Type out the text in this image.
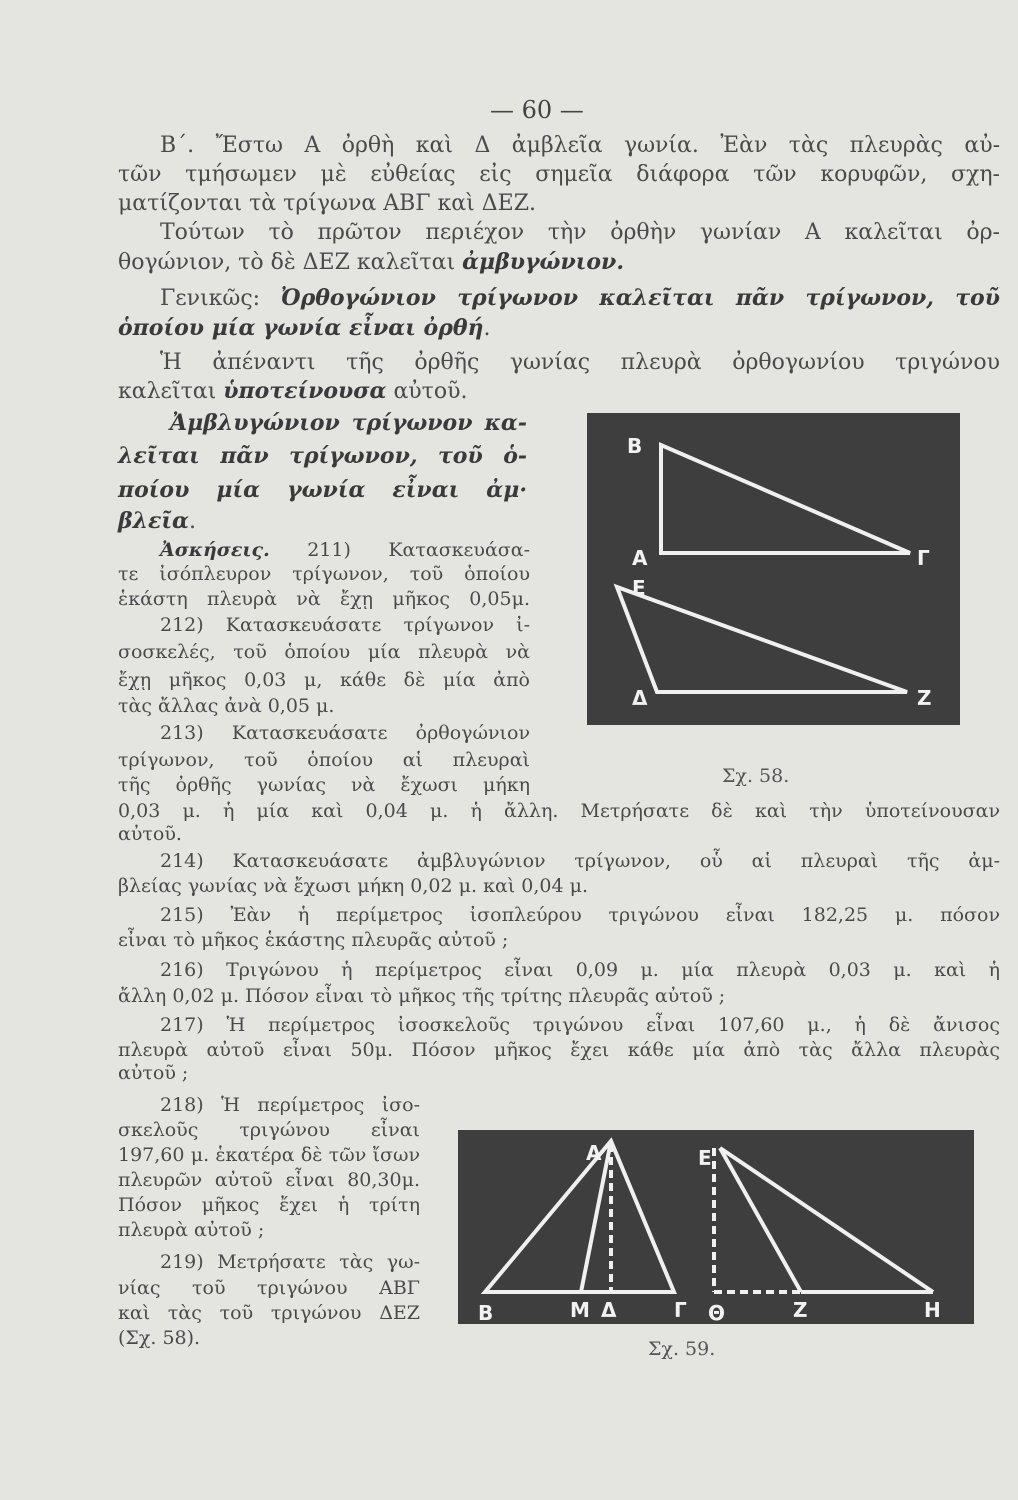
— 60 —
Β΄. Ἔστω Α ὀρθὴ καὶ Δ ἀμβλεῖα γωνία. Ἐὰν τὰς πλευρὰς αὐ-
τῶν τμήσωμεν μὲ εὐθείας εἰς σημεῖα διάφορα τῶν κορυφῶν, σχη-
ματίζονται τὰ τρίγωνα ΑΒΓ καὶ ΔΕΖ.
Τούτων τὸ πρῶτον περιέχον τὴν ὀρθὴν γωνίαν Α καλεῖται ὀρ-
θογώνιον, τὸ δὲ ΔΕΖ καλεῖται ἀμβυγώνιον.
Γενικῶς: Ὀρθογώνιον τρίγωνον καλεῖται πᾶν τρίγωνον, τοῦ
ὁποίου μία γωνία εἶναι ὀρθή.
Ἡ ἀπέναντι τῆς ὀρθῆς γωνίας πλευρὰ ὀρθογωνίου τριγώνου
καλεῖται ὑποτείνουσα αὐτοῦ.
Ἀμβλυγώνιον τρίγωνον κα-
λεῖται πᾶν τρίγωνον, τοῦ ὁ-
ποίου μία γωνία εἶναι ἀμ·
βλεῖα.
Ἀσκήσεις. 211) Κατασκευάσα-
τε ἰσόπλευρον τρίγωνον, τοῦ ὁποίου
ἑκάστη πλευρὰ νὰ ἔχῃ μῆκος 0,05μ.
212) Κατασκευάσατε τρίγωνον ἰ-
σοσκελές, τοῦ ὁποίου μία πλευρὰ νὰ
ἔχῃ μῆκος 0,03 μ, κάθε δὲ μία ἀπὸ
τὰς ἄλλας ἀνὰ 0,05 μ.
213) Κατασκευάσατε ὀρθογώνιον
τρίγωνον, τοῦ ὁποίου αἱ πλευραὶ
τῆς ὀρθῆς γωνίας νὰ ἔχωσι μήκη
0,03 μ. ἡ μία καὶ 0,04 μ. ἡ ἄλλη. Μετρήσατε δὲ καὶ τὴν ὑποτείνουσαν
αὐτοῦ.
214) Κατασκευάσατε ἀμβλυγώνιον τρίγωνον, οὗ αἱ πλευραὶ τῆς ἀμ-
βλείας γωνίας νὰ ἔχωσι μήκη 0,02 μ. καὶ 0,04 μ.
215) Ἐὰν ἡ περίμετρος ἰσοπλεύρου τριγώνου εἶναι 182,25 μ. πόσον
εἶναι τὸ μῆκος ἑκάστης πλευρᾶς αὐτοῦ ;
216) Τριγώνου ἡ περίμετρος εἶναι 0,09 μ. μία πλευρὰ 0,03 μ. καὶ ἡ
ἄλλη 0,02 μ. Πόσον εἶναι τὸ μῆκος τῆς τρίτης πλευρᾶς αὐτοῦ ;
217) Ἡ περίμετρος ἰσοσκελοῦς τριγώνου εἶναι 107,60 μ., ἡ δὲ ἄνισος
πλευρὰ αὐτοῦ εἶναι 50μ. Πόσον μῆκος ἔχει κάθε μία ἀπὸ τὰς ἄλλα πλευρὰς
αὐτοῦ ;
218) Ἡ περίμετρος ἰσο-
σκελοῦς τριγώνου εἶναι
197,60 μ. ἑκατέρα δὲ τῶν ἴσων
πλευρῶν αὐτοῦ εἶναι 80,30μ.
Πόσον μῆκος ἔχει ἡ τρίτη
πλευρὰ αὐτοῦ ;
219) Μετρήσατε τὰς γω-
νίας τοῦ τριγώνου ΑΒΓ
καὶ τὰς τοῦ τριγώνου ΔΕΖ
(Σχ. 58).
Β
Α	Γ
Ε
Δ	Ζ
Σχ. 58.
Α
Β	Μ Δ	Γ
Ε
Θ	Ζ	Η
Σχ. 59.
